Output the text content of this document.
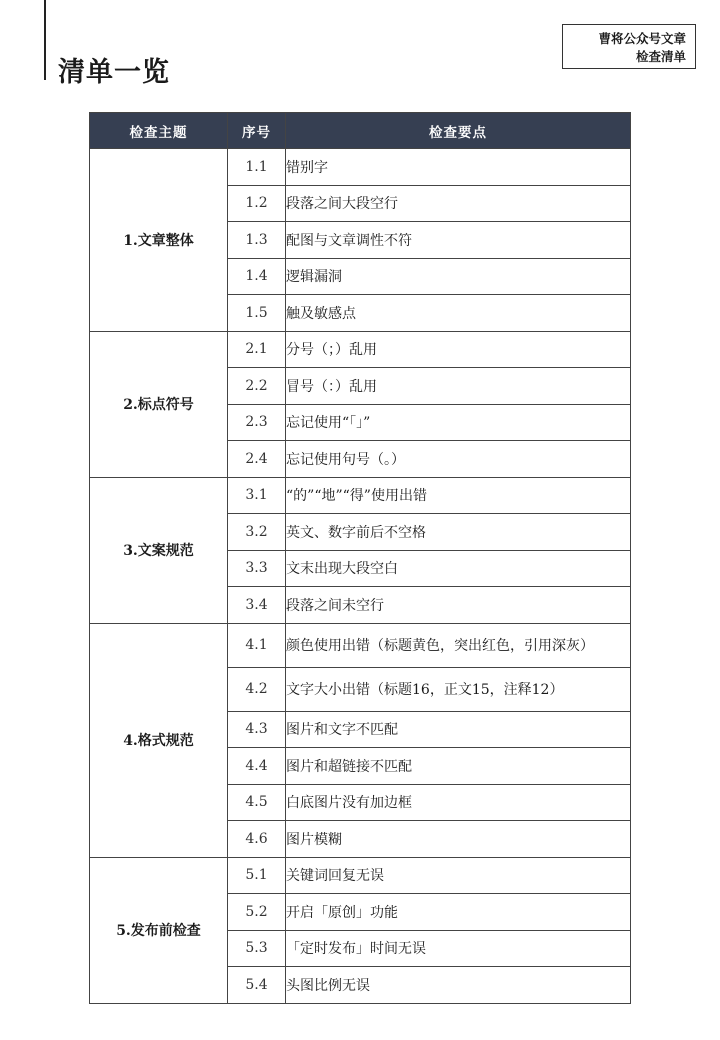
清单一览
曹将公众号文章
检查清单
检查主题	序号	检查要点
1.文章整体	1.1	错别字
	1.2	段落之间大段空行
	1.3	配图与文章调性不符
	1.4	逻辑漏洞
	1.5	触及敏感点
2.标点符号	2.1	分号（；）乱用
	2.2	冒号（：）乱用
	2.3	忘记使用“「」”
	2.4	忘记使用句号（。）
3.文案规范	3.1	“的”“地”“得”使用出错
	3.2	英文、数字前后不空格
	3.3	文末出现大段空白
	3.4	段落之间未空行
4.格式规范	4.1	颜色使用出错（标题黄色，突出红色，引用深灰）
	4.2	文字大小出错（标题16，正文15，注释12）
	4.3	图片和文字不匹配
	4.4	图片和超链接不匹配
	4.5	白底图片没有加边框
	4.6	图片模糊
5.发布前检查	5.1	关键词回复无误
	5.2	开启「原创」功能
	5.3	「定时发布」时间无误
	5.4	头图比例无误
